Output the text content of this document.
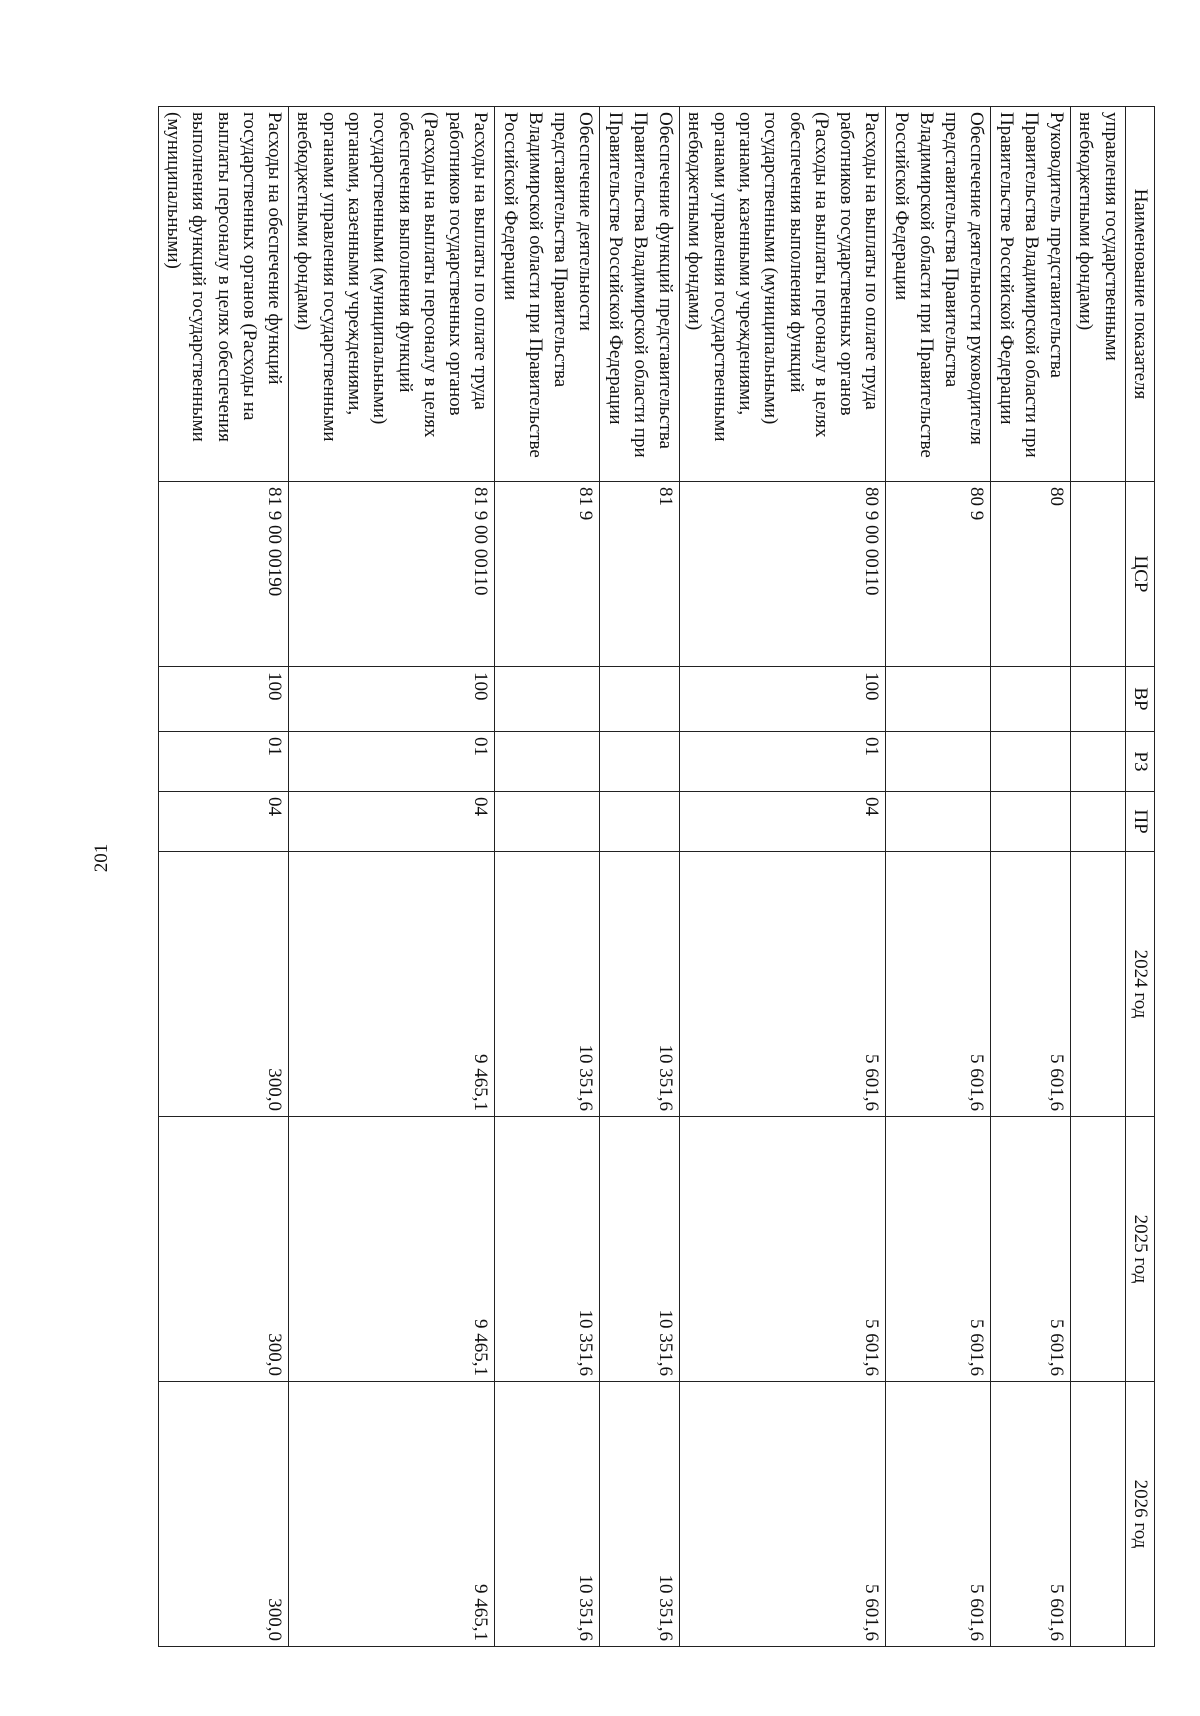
201
Наименование показателя	ЦСР	ВР	РЗ	ПР	2024 год	2025 год	2026 год
управления государственными внебюджетными фондами)							
Руководитель представительства Правительства Владимирской области при Правительстве Российской Федерации	80				5 601,6	5 601,6	5 601,6
Обеспечение деятельности руководителя представительства Правительства Владимирской области при Правительстве Российской Федерации	80 9				5 601,6	5 601,6	5 601,6
Расходы на выплаты по оплате труда работников государственных органов (Расходы на выплаты персоналу в целях обеспечения выполнения функций государственными (муниципальными) органами, казенными учреждениями, органами управления государственными внебюджетными фондами)	80 9 00 00110	100	01	04	5 601,6	5 601,6	5 601,6
Обеспечение функций представительства Правительства Владимирской области при Правительстве Российской Федерации	81				10 351,6	10 351,6	10 351,6
Обеспечение деятельности представительства Правительства Владимирской области при Правительстве Российской Федерации	81 9				10 351,6	10 351,6	10 351,6
Расходы на выплаты по оплате труда работников государственных органов (Расходы на выплаты персоналу в целях обеспечения выполнения функций государственными (муниципальными) органами, казенными учреждениями, органами управления государственными внебюджетными фондами)	81 9 00 00110	100	01	04	9 465,1	9 465,1	9 465,1
Расходы на обеспечение функций государственных органов (Расходы на выплаты персоналу в целях обеспечения выполнения функций государственными (муниципальными)	81 9 00 00190	100	01	04	300,0	300,0	300,0
